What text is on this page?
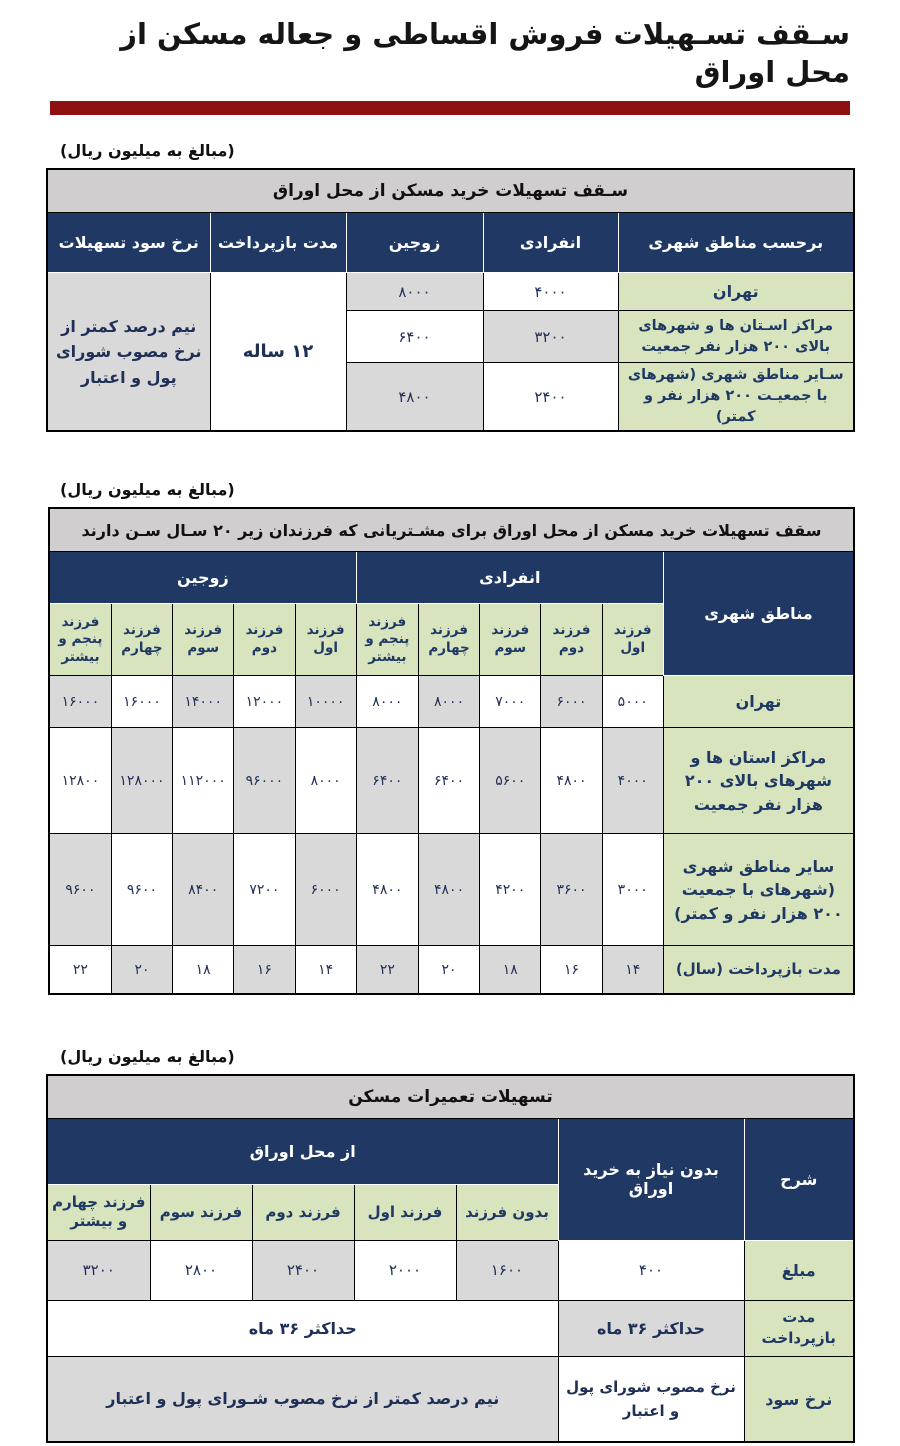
سـقف تسـهیلات فروش اقساطی و جعاله مسکن از محل اوراق
(مبالغ به میلیون ریال)
سـقف تسهیلات خرید مسکن از محل اوراق				
برحسب مناطق شهری	انفرادی	زوجین	مدت بازپرداخت	نرخ سود تسهیلات
تهران	۴۰۰۰	۸۰۰۰	۱۲ ساله	نیم درصد کمتر از نرخ مصوب شورای پول و اعتبار
مراکز اسـتان ها و شهرهای بالای ۲۰۰ هزار نفر جمعیت	۳۲۰۰	۶۴۰۰		
سـایر مناطق شهری (شهرهای با جمعیـت ۲۰۰ هزار نفر و کمتر)	۲۴۰۰	۴۸۰۰		
(مبالغ به میلیون ریال)
سقف تسهیلات خرید مسکن از محل اوراق برای مشـتریانی که فرزندان زیر ۲۰ سـال سـن دارند										
مناطق شهری	انفرادی					زوجین				
	فرزند اول	فرزند دوم	فرزند سوم	فرزند چهارم	فرزند پنجم و بیشتر	فرزند اول	فرزند دوم	فرزند سوم	فرزند چهارم	فرزند پنجم و بیشتر
تهران	۵۰۰۰	۶۰۰۰	۷۰۰۰	۸۰۰۰	۸۰۰۰	۱۰۰۰۰	۱۲۰۰۰	۱۴۰۰۰	۱۶۰۰۰	۱۶۰۰۰
مراکز استان ها و شهرهای بالای ۲۰۰ هزار نفر جمعیت	۴۰۰۰	۴۸۰۰	۵۶۰۰	۶۴۰۰	۶۴۰۰	۸۰۰۰	۹۶۰۰۰	۱۱۲۰۰۰	۱۲۸۰۰۰	۱۲۸۰۰
سایر مناطق شهری (شهرهای با جمعیت ۲۰۰ هزار نفر و کمتر)	۳۰۰۰	۳۶۰۰	۴۲۰۰	۴۸۰۰	۴۸۰۰	۶۰۰۰	۷۲۰۰	۸۴۰۰	۹۶۰۰	۹۶۰۰
مدت بازپرداخت (سال)	۱۴	۱۶	۱۸	۲۰	۲۲	۱۴	۱۶	۱۸	۲۰	۲۲
(مبالغ به میلیون ریال)
تسهیلات تعمیرات مسکن						
شرح	بدون نیاز به خرید اوراق	از محل اوراق				
		بدون فرزند	فرزند اول	فرزند دوم	فرزند سوم	فرزند چهارم و بیشتر
مبلغ	۴۰۰	۱۶۰۰	۲۰۰۰	۲۴۰۰	۲۸۰۰	۳۲۰۰
مدت بازپرداخت	حداکثر ۳۶ ماه	حداکثر ۳۶ ماه				
نرخ سود	نرخ مصوب شورای پول و اعتبار	نیم درصد کمتر از نرخ مصوب شـورای پول و اعتبار				
